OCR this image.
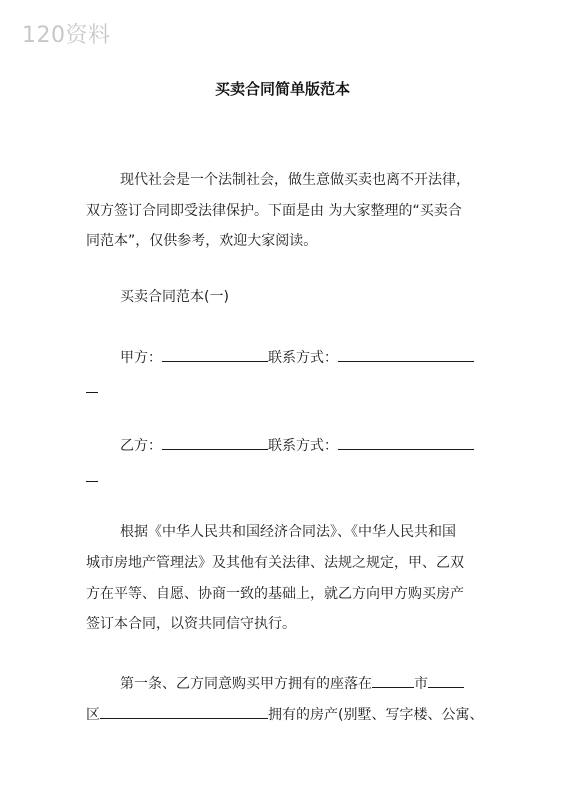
120资料
买卖合同简单版范本
现代社会是一个法制社会，做生意做买卖也离不开法律，
双方签订合同即受法律保护。下面是由 为大家整理的“买卖合
同范本”，仅供参考，欢迎大家阅读。
买卖合同范本(一)
甲方：	联系方式：
乙方：	联系方式：
根据《中华人民共和国经济合同法》、《中华人民共和国
城市房地产管理法》及其他有关法律、法规之规定，甲、乙双
方在平等、自愿、协商一致的基础上，就乙方向甲方购买房产
签订本合同，以资共同信守执行。
第一条、乙方同意购买甲方拥有的座落在	市
区	拥有的房产(别墅、写字楼、公寓、
